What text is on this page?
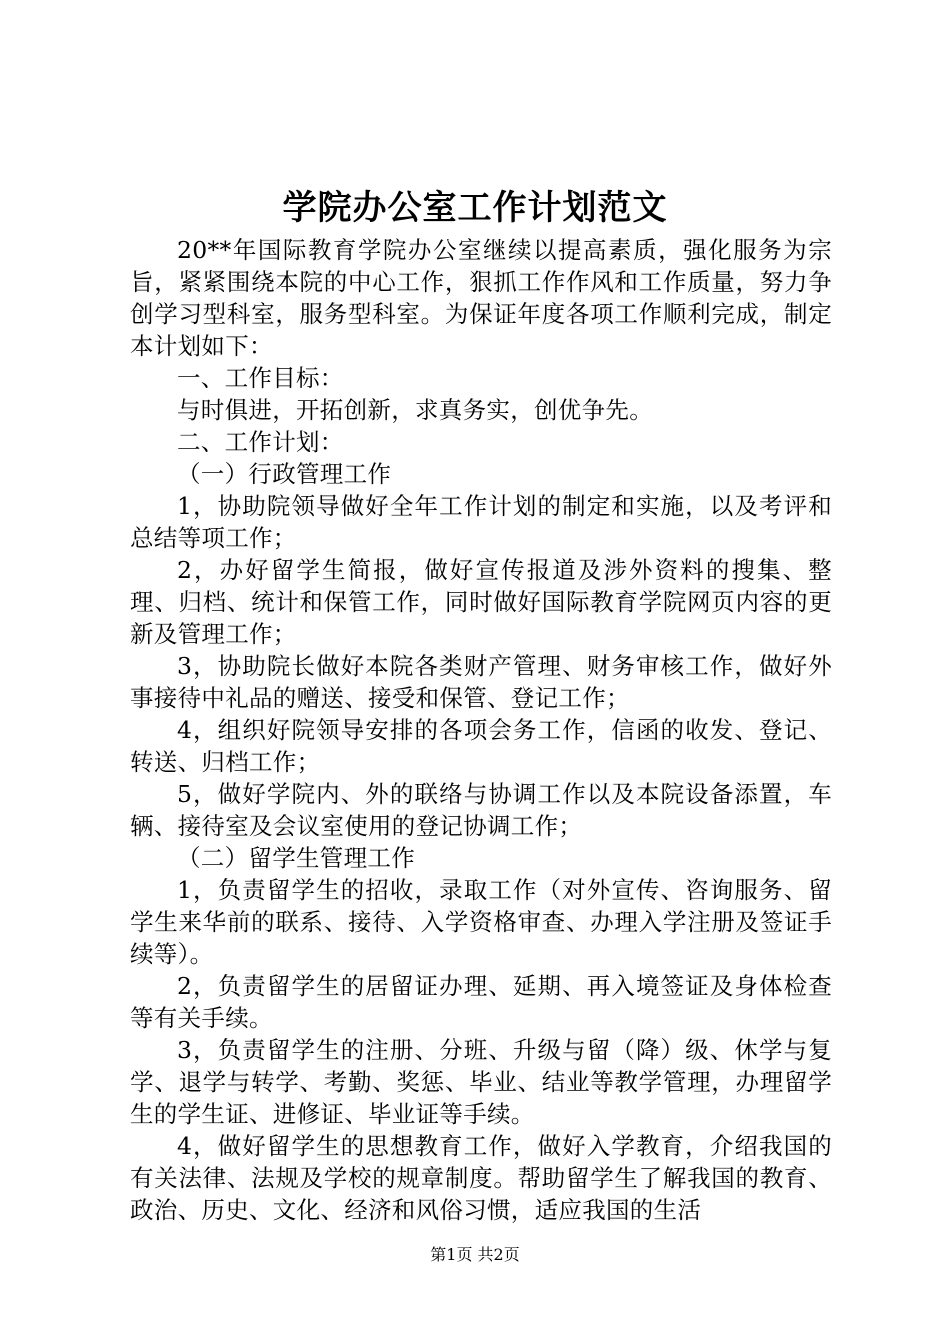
学院办公室工作计划范文

20**年国际教育学院办公室继续以提高素质，强化服务为宗旨，紧紧围绕本院的中心工作，狠抓工作作风和工作质量，努力争创学习型科室，服务型科室。为保证年度各项工作顺利完成，制定本计划如下：

一、工作目标：

与时俱进，开拓创新，求真务实，创优争先。

二、工作计划：

（一）行政管理工作

1，协助院领导做好全年工作计划的制定和实施，以及考评和总结等项工作；

2，办好留学生简报，做好宣传报道及涉外资料的搜集、整理、归档、统计和保管工作，同时做好国际教育学院网页内容的更新及管理工作；

3，协助院长做好本院各类财产管理、财务审核工作，做好外事接待中礼品的赠送、接受和保管、登记工作；

4，组织好院领导安排的各项会务工作，信函的收发、登记、转送、归档工作；

5，做好学院内、外的联络与协调工作以及本院设备添置，车辆、接待室及会议室使用的登记协调工作；

（二）留学生管理工作

1，负责留学生的招收，录取工作（对外宣传、咨询服务、留学生来华前的联系、接待、入学资格审查、办理入学注册及签证手续等）。

2，负责留学生的居留证办理、延期、再入境签证及身体检查等有关手续。

3，负责留学生的注册、分班、升级与留（降）级、休学与复学、退学与转学、考勤、奖惩、毕业、结业等教学管理，办理留学生的学生证、进修证、毕业证等手续。

4，做好留学生的思想教育工作，做好入学教育，介绍我国的有关法律、法规及学校的规章制度。帮助留学生了解我国的教育、政治、历史、文化、经济和风俗习惯，适应我国的生活

第1页 共2页
